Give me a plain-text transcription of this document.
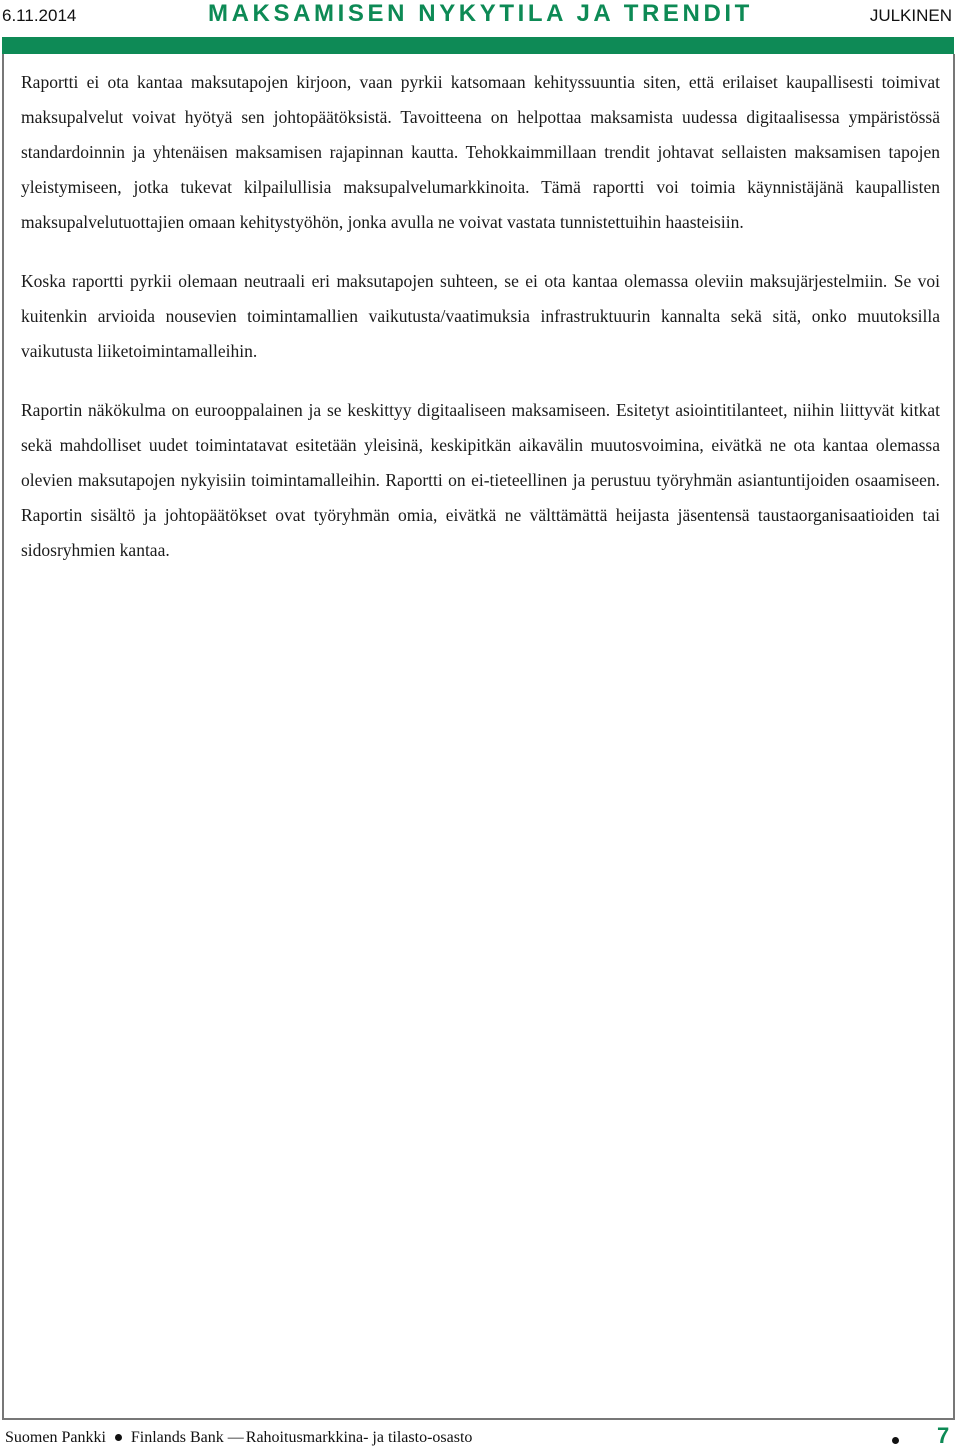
6.11.2014	MAKSAMISEN NYKYTILA JA TRENDIT	JULKINEN

Raportti ei ota kantaa maksutapojen kirjoon, vaan pyrkii katsomaan kehityssuuntia siten, että erilaiset kaupallisesti toimivat maksupalvelut voivat hyötyä sen johtopäätöksistä. Tavoitteena on helpottaa maksamista uudessa digitaalisessa ympäristössä standardoinnin ja yhtenäisen maksamisen rajapinnan kautta. Tehokkaimmillaan trendit johtavat sellaisten maksamisen tapojen yleistymiseen, jotka tukevat kilpailullisia maksupalvelumarkkinoita. Tämä raportti voi toimia käynnistäjänä kaupallisten maksupalvelutuottajien omaan kehitystyöhön, jonka avulla ne voivat vastata tunnistettuihin haasteisiin.

Koska raportti pyrkii olemaan neutraali eri maksutapojen suhteen, se ei ota kantaa olemassa oleviin maksujärjestelmiin. Se voi kuitenkin arvioida nousevien toimintamallien vaikutusta/vaatimuksia infrastruktuurin kannalta sekä sitä, onko muutoksilla vaikutusta liiketoimintamalleihin.

Raportin näkökulma on eurooppalainen ja se keskittyy digitaaliseen maksamiseen. Esitetyt asiointitilanteet, niihin liittyvät kitkat sekä mahdolliset uudet toimintatavat esitetään yleisinä, keskipitkän aikavälin muutosvoimina, eivätkä ne ota kantaa olemassa olevien maksutapojen nykyisiin toimintamalleihin. Raportti on ei-tieteellinen ja perustuu työryhmän asiantuntijoiden osaamiseen. Raportin sisältö ja johtopäätökset ovat työryhmän omia, eivätkä ne välttämättä heijasta jäsentensä taustaorganisaatioiden tai sidosryhmien kantaa.

Suomen Pankki Finlands Bank — Rahoitusmarkkina- ja tilasto-osasto	7
